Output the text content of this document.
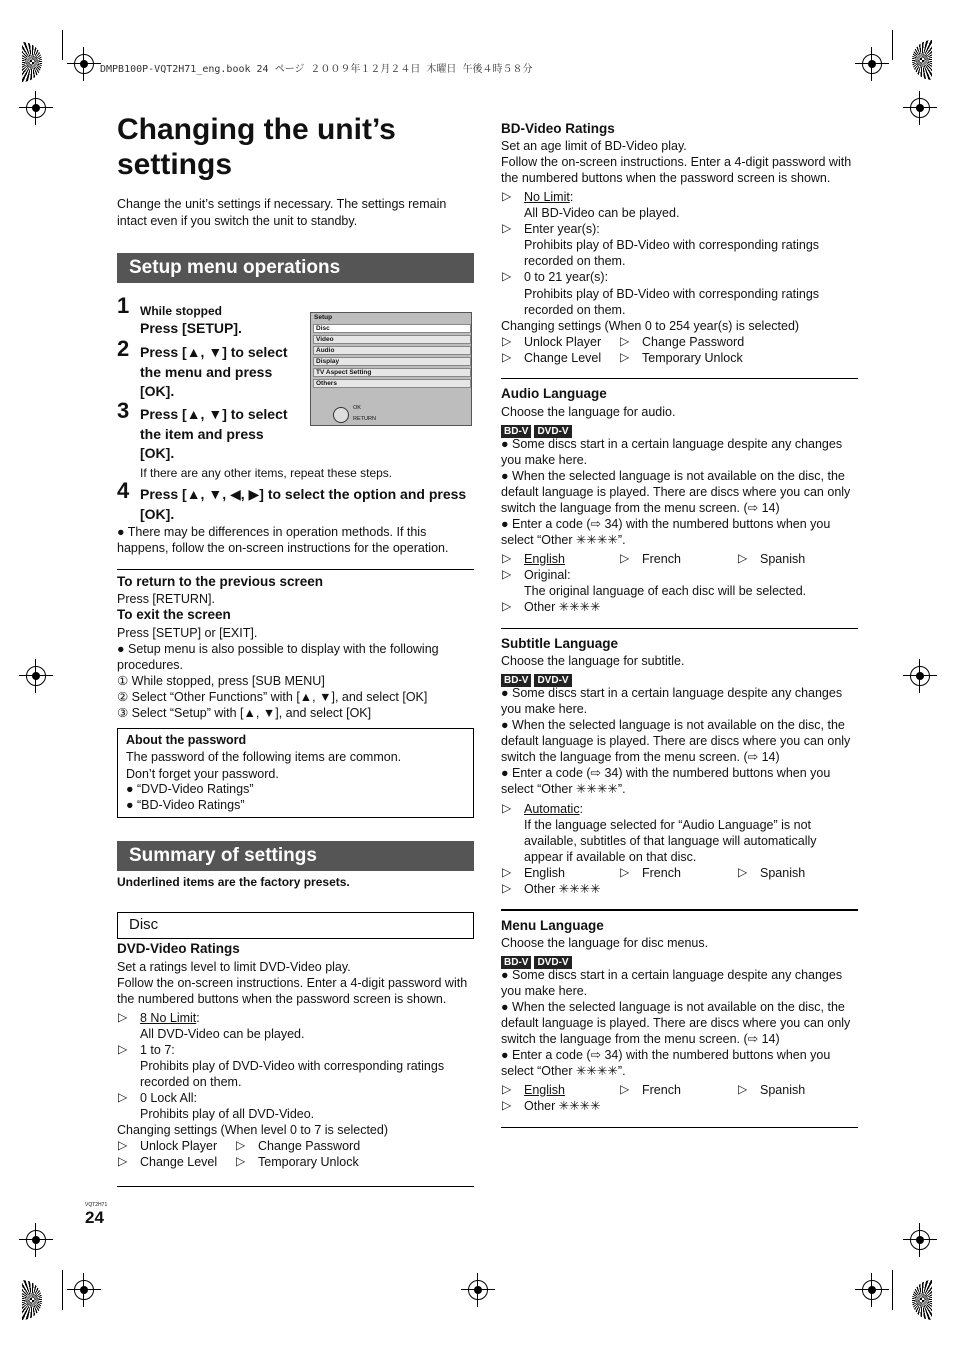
DMPB100P-VQT2H71_eng.book 24 ページ ２００９年１２月２４日 木曜日 午後４時５８分
Changing the unit’s settings
Change the unit’s settings if necessary. The settings remain intact even if you switch the unit to standby.
Setup menu operations
1 While stopped
Press [SETUP].
2 Press [▲, ▼] to select the menu and press [OK].
3 Press [▲, ▼] to select the item and press [OK].
If there are any other items, repeat these steps.
4 Press [▲, ▼, ◀, ▶] to select the option and press [OK].
● There may be differences in operation methods. If this happens, follow the on-screen instructions for the operation.
Setup
Disc
Video
Audio
Display
TV Aspect Setting
Others
OK
RETURN
To return to the previous screen
Press [RETURN].
To exit the screen
Press [SETUP] or [EXIT].
● Setup menu is also possible to display with the following procedures.
① While stopped, press [SUB MENU]
② Select “Other Functions” with [▲, ▼], and select [OK]
③ Select “Setup” with [▲, ▼], and select [OK]
About the password
The password of the following items are common.
Don’t forget your password.
● “DVD-Video Ratings”
● “BD-Video Ratings”
Summary of settings
Underlined items are the factory presets.
Disc
DVD-Video Ratings
Set a ratings level to limit DVD-Video play.
Follow the on-screen instructions. Enter a 4-digit password with the numbered buttons when the password screen is shown.
▷ 8 No Limit:
All DVD-Video can be played.
▷ 1 to 7:
Prohibits play of DVD-Video with corresponding ratings recorded on them.
▷ 0 Lock All:
Prohibits play of all DVD-Video.
Changing settings (When level 0 to 7 is selected)
▷ Unlock Player ▷ Change Password
▷ Change Level ▷ Temporary Unlock
VQT2H71
24
BD-Video Ratings
Set an age limit of BD-Video play.
Follow the on-screen instructions. Enter a 4-digit password with the numbered buttons when the password screen is shown.
▷ No Limit:
All BD-Video can be played.
▷ Enter year(s):
Prohibits play of BD-Video with corresponding ratings recorded on them.
▷ 0 to 21 year(s):
Prohibits play of BD-Video with corresponding ratings recorded on them.
Changing settings (When 0 to 254 year(s) is selected)
▷ Unlock Player ▷ Change Password
▷ Change Level ▷ Temporary Unlock
Audio Language
Choose the language for audio.
BD-V DVD-V
● Some discs start in a certain language despite any changes you make here.
● When the selected language is not available on the disc, the default language is played. There are discs where you can only switch the language from the menu screen. (⇨ 14)
● Enter a code (⇨ 34) with the numbered buttons when you select “Other ✳✳✳✳”.
▷ English	▷ French	▷ Spanish
▷ Original:
The original language of each disc will be selected.
▷ Other ✳✳✳✳
Subtitle Language
Choose the language for subtitle.
BD-V DVD-V
● Some discs start in a certain language despite any changes you make here.
● When the selected language is not available on the disc, the default language is played. There are discs where you can only switch the language from the menu screen. (⇨ 14)
● Enter a code (⇨ 34) with the numbered buttons when you select “Other ✳✳✳✳”.
▷ Automatic:
If the language selected for “Audio Language” is not available, subtitles of that language will automatically appear if available on that disc.
▷ English	▷ French	▷ Spanish
▷ Other ✳✳✳✳
Menu Language
Choose the language for disc menus.
BD-V DVD-V
● Some discs start in a certain language despite any changes you make here.
● When the selected language is not available on the disc, the default language is played. There are discs where you can only switch the language from the menu screen. (⇨ 14)
● Enter a code (⇨ 34) with the numbered buttons when you select “Other ✳✳✳✳”.
▷ English	▷ French	▷ Spanish
▷ Other ✳✳✳✳
